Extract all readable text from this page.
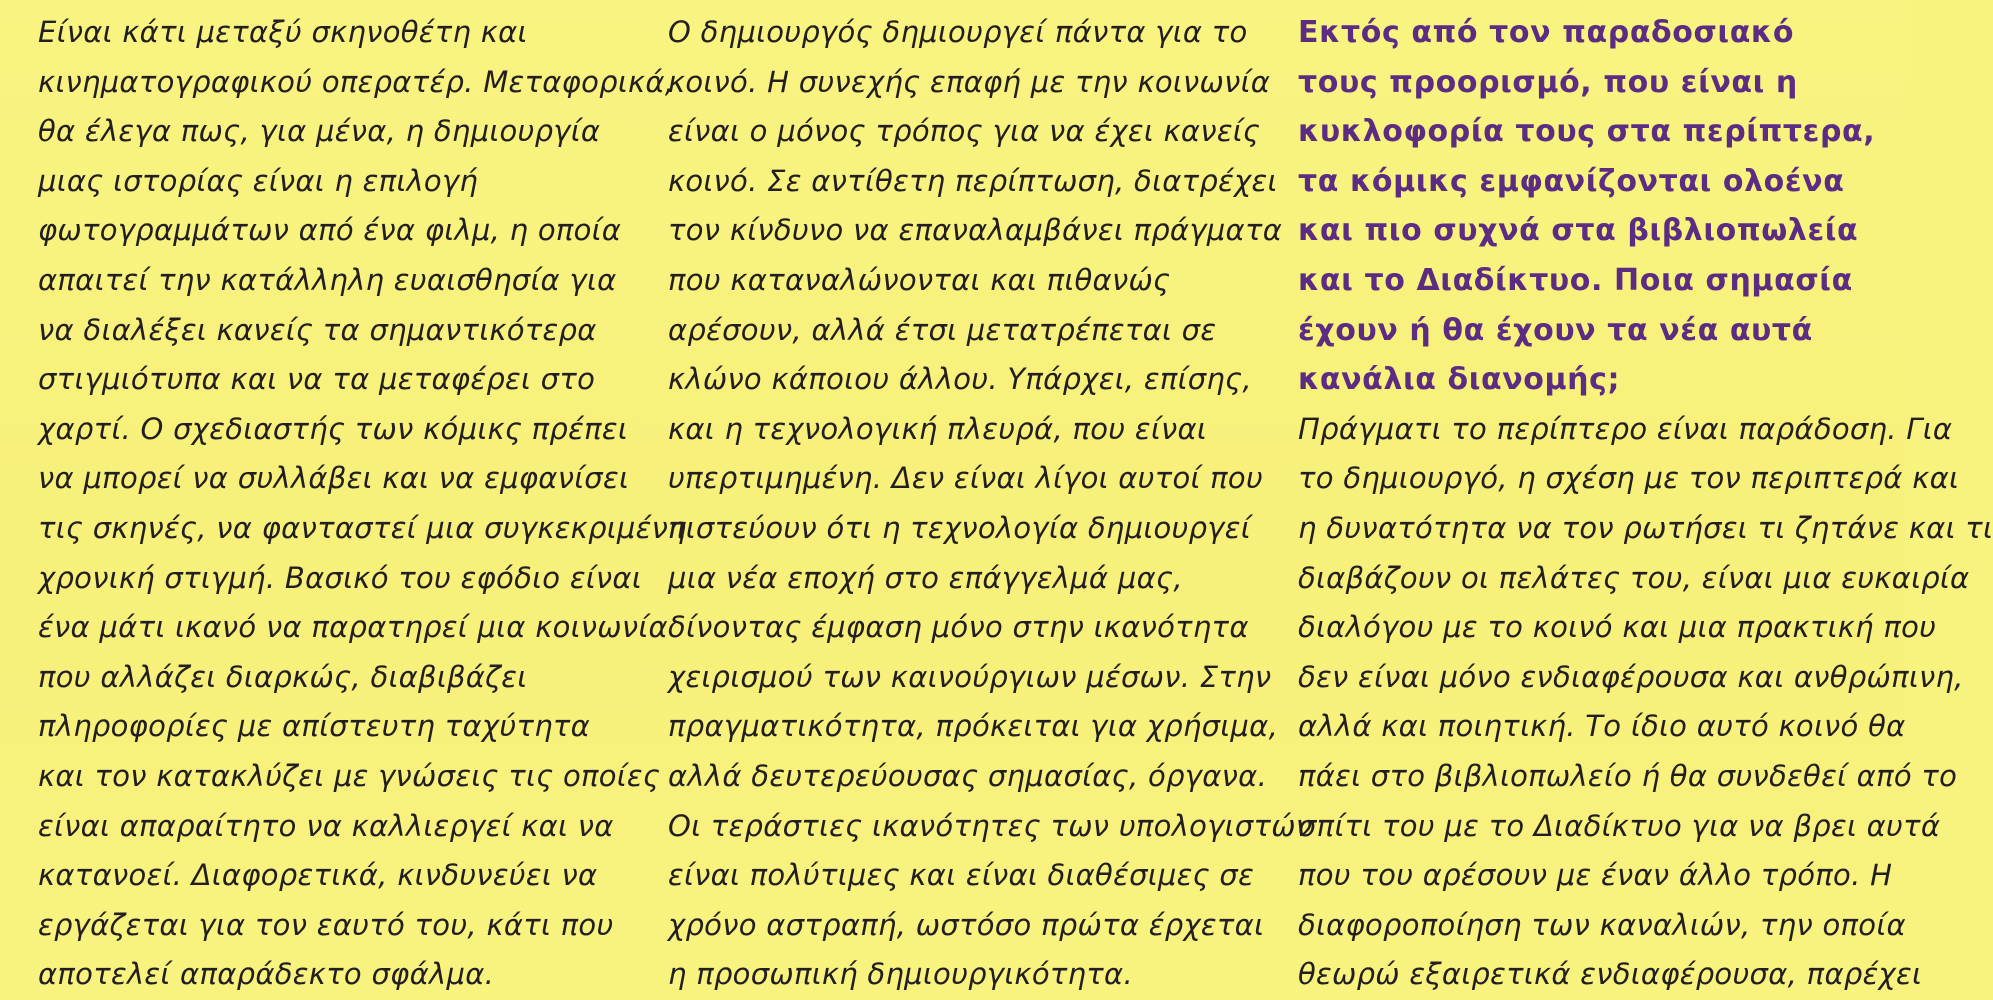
Είναι κάτι μεταξύ σκηνοθέτη και
κινηματογραφικού οπερατέρ. Μεταφορικά,
θα έλεγα πως, για μένα, η δημιουργία
μιας ιστορίας είναι η επιλογή
φωτογραμμάτων από ένα φιλμ, η οποία
απαιτεί την κατάλληλη ευαισθησία για
να διαλέξει κανείς τα σημαντικότερα
στιγμιότυπα και να τα μεταφέρει στο
χαρτί. Ο σχεδιαστής των κόμικς πρέπει
να μπορεί να συλλάβει και να εμφανίσει
τις σκηνές, να φανταστεί μια συγκεκριμένη
χρονική στιγμή. Βασικό του εφόδιο είναι
ένα μάτι ικανό να παρατηρεί μια κοινωνία
που αλλάζει διαρκώς, διαβιβάζει
πληροφορίες με απίστευτη ταχύτητα
και τον κατακλύζει με γνώσεις τις οποίες
είναι απαραίτητο να καλλιεργεί και να
κατανοεί. Διαφορετικά, κινδυνεύει να
εργάζεται για τον εαυτό του, κάτι που
αποτελεί απαράδεκτο σφάλμα.
Ο δημιουργός δημιουργεί πάντα για το
κοινό. Η συνεχής επαφή με την κοινωνία
είναι ο μόνος τρόπος για να έχει κανείς
κοινό. Σε αντίθετη περίπτωση, διατρέχει
τον κίνδυνο να επαναλαμβάνει πράγματα
που καταναλώνονται και πιθανώς
αρέσουν, αλλά έτσι μετατρέπεται σε
κλώνο κάποιου άλλου. Υπάρχει, επίσης,
και η τεχνολογική πλευρά, που είναι
υπερτιμημένη. Δεν είναι λίγοι αυτοί που
πιστεύουν ότι η τεχνολογία δημιουργεί
μια νέα εποχή στο επάγγελμά μας,
δίνοντας έμφαση μόνο στην ικανότητα
χειρισμού των καινούργιων μέσων. Στην
πραγματικότητα, πρόκειται για χρήσιμα,
αλλά δευτερεύουσας σημασίας, όργανα.
Οι τεράστιες ικανότητες των υπολογιστών
είναι πολύτιμες και είναι διαθέσιμες σε
χρόνο αστραπή, ωστόσο πρώτα έρχεται
η προσωπική δημιουργικότητα.
Εκτός από τον παραδοσιακό
τους προορισμό, που είναι η
κυκλοφορία τους στα περίπτερα,
τα κόμικς εμφανίζονται ολοένα
και πιο συχνά στα βιβλιοπωλεία
και το Διαδίκτυο. Ποια σημασία
έχουν ή θα έχουν τα νέα αυτά
κανάλια διανομής;
Πράγματι το περίπτερο είναι παράδοση. Για
το δημιουργό, η σχέση με τον περιπτερά και
η δυνατότητα να τον ρωτήσει τι ζητάνε και τι
διαβάζουν οι πελάτες του, είναι μια ευκαιρία
διαλόγου με το κοινό και μια πρακτική που
δεν είναι μόνο ενδιαφέρουσα και ανθρώπινη,
αλλά και ποιητική. Το ίδιο αυτό κοινό θα
πάει στο βιβλιοπωλείο ή θα συνδεθεί από το
σπίτι του με το Διαδίκτυο για να βρει αυτά
που του αρέσουν με έναν άλλο τρόπο. Η
διαφοροποίηση των καναλιών, την οποία
θεωρώ εξαιρετικά ενδιαφέρουσα, παρέχει
